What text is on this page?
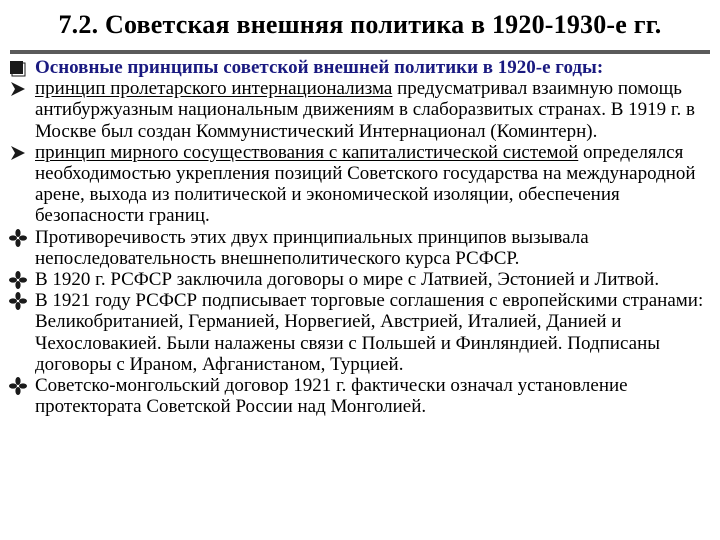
7.2. Советская внешняя политика в 1920-1930-е гг.
Основные принципы советской внешней политики в 1920-е годы:
принцип пролетарского интернационализма предусматривал взаимную помощь антибуржуазным национальным движениям в слаборазвитых странах. В 1919 г. в Москве был создан Коммунистический Интернационал (Коминтерн).
принцип мирного сосуществования с капиталистической системой определялся необходимостью укрепления позиций Советского государства на международной арене, выхода из политической и экономической изоляции, обеспечения безопасности границ.
Противоречивость этих двух принципиальных принципов вызывала непоследовательность внешнеполитического курса РСФСР.
В 1920 г. РСФСР заключила договоры о мире с Латвией, Эстонией и Литвой.
В 1921 году РСФСР подписывает торговые соглашения с европейскими странами: Великобританией, Германией, Норвегией, Австрией, Италией, Данией и Чехословакией. Были налажены связи с Польшей и Финляндией. Подписаны договоры с Ираном, Афганистаном, Турцией.
Советско-монгольский договор 1921 г. фактически означал установление протектората Советской России над Монголией.
